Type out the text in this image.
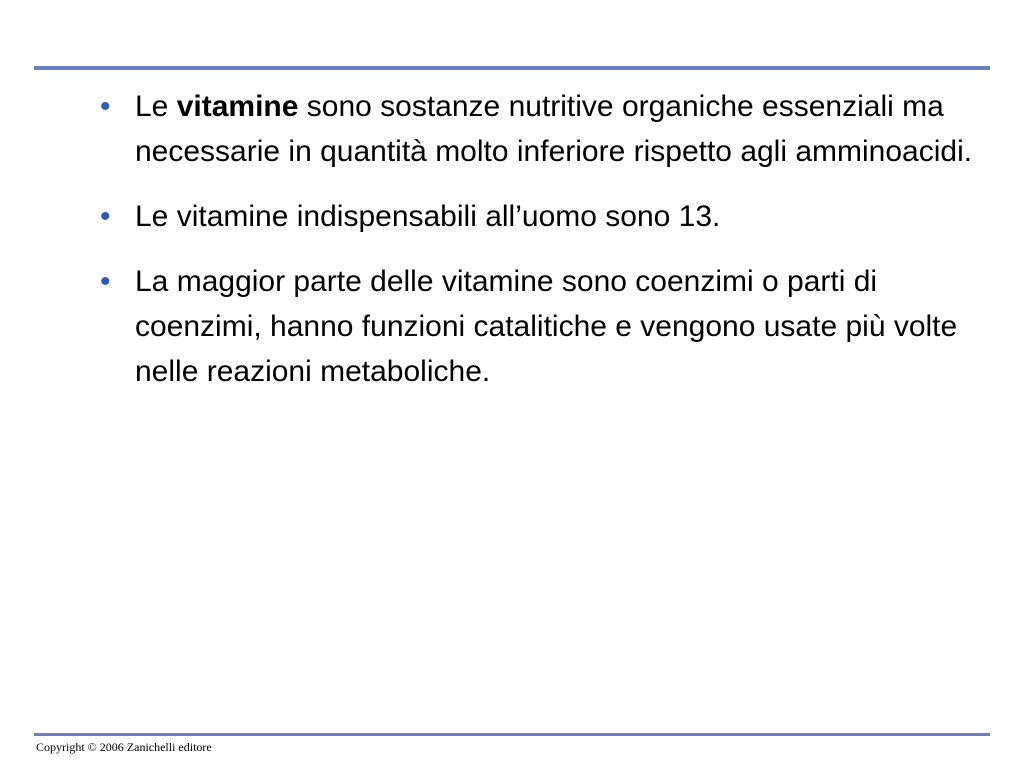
• Le vitamine sono sostanze nutritive organiche essenziali ma necessarie in quantità molto inferiore rispetto agli amminoacidi.
• Le vitamine indispensabili all’uomo sono 13.
• La maggior parte delle vitamine sono coenzimi o parti di coenzimi, hanno funzioni catalitiche e vengono usate più volte nelle reazioni metaboliche.
Copyright © 2006 Zanichelli editore
